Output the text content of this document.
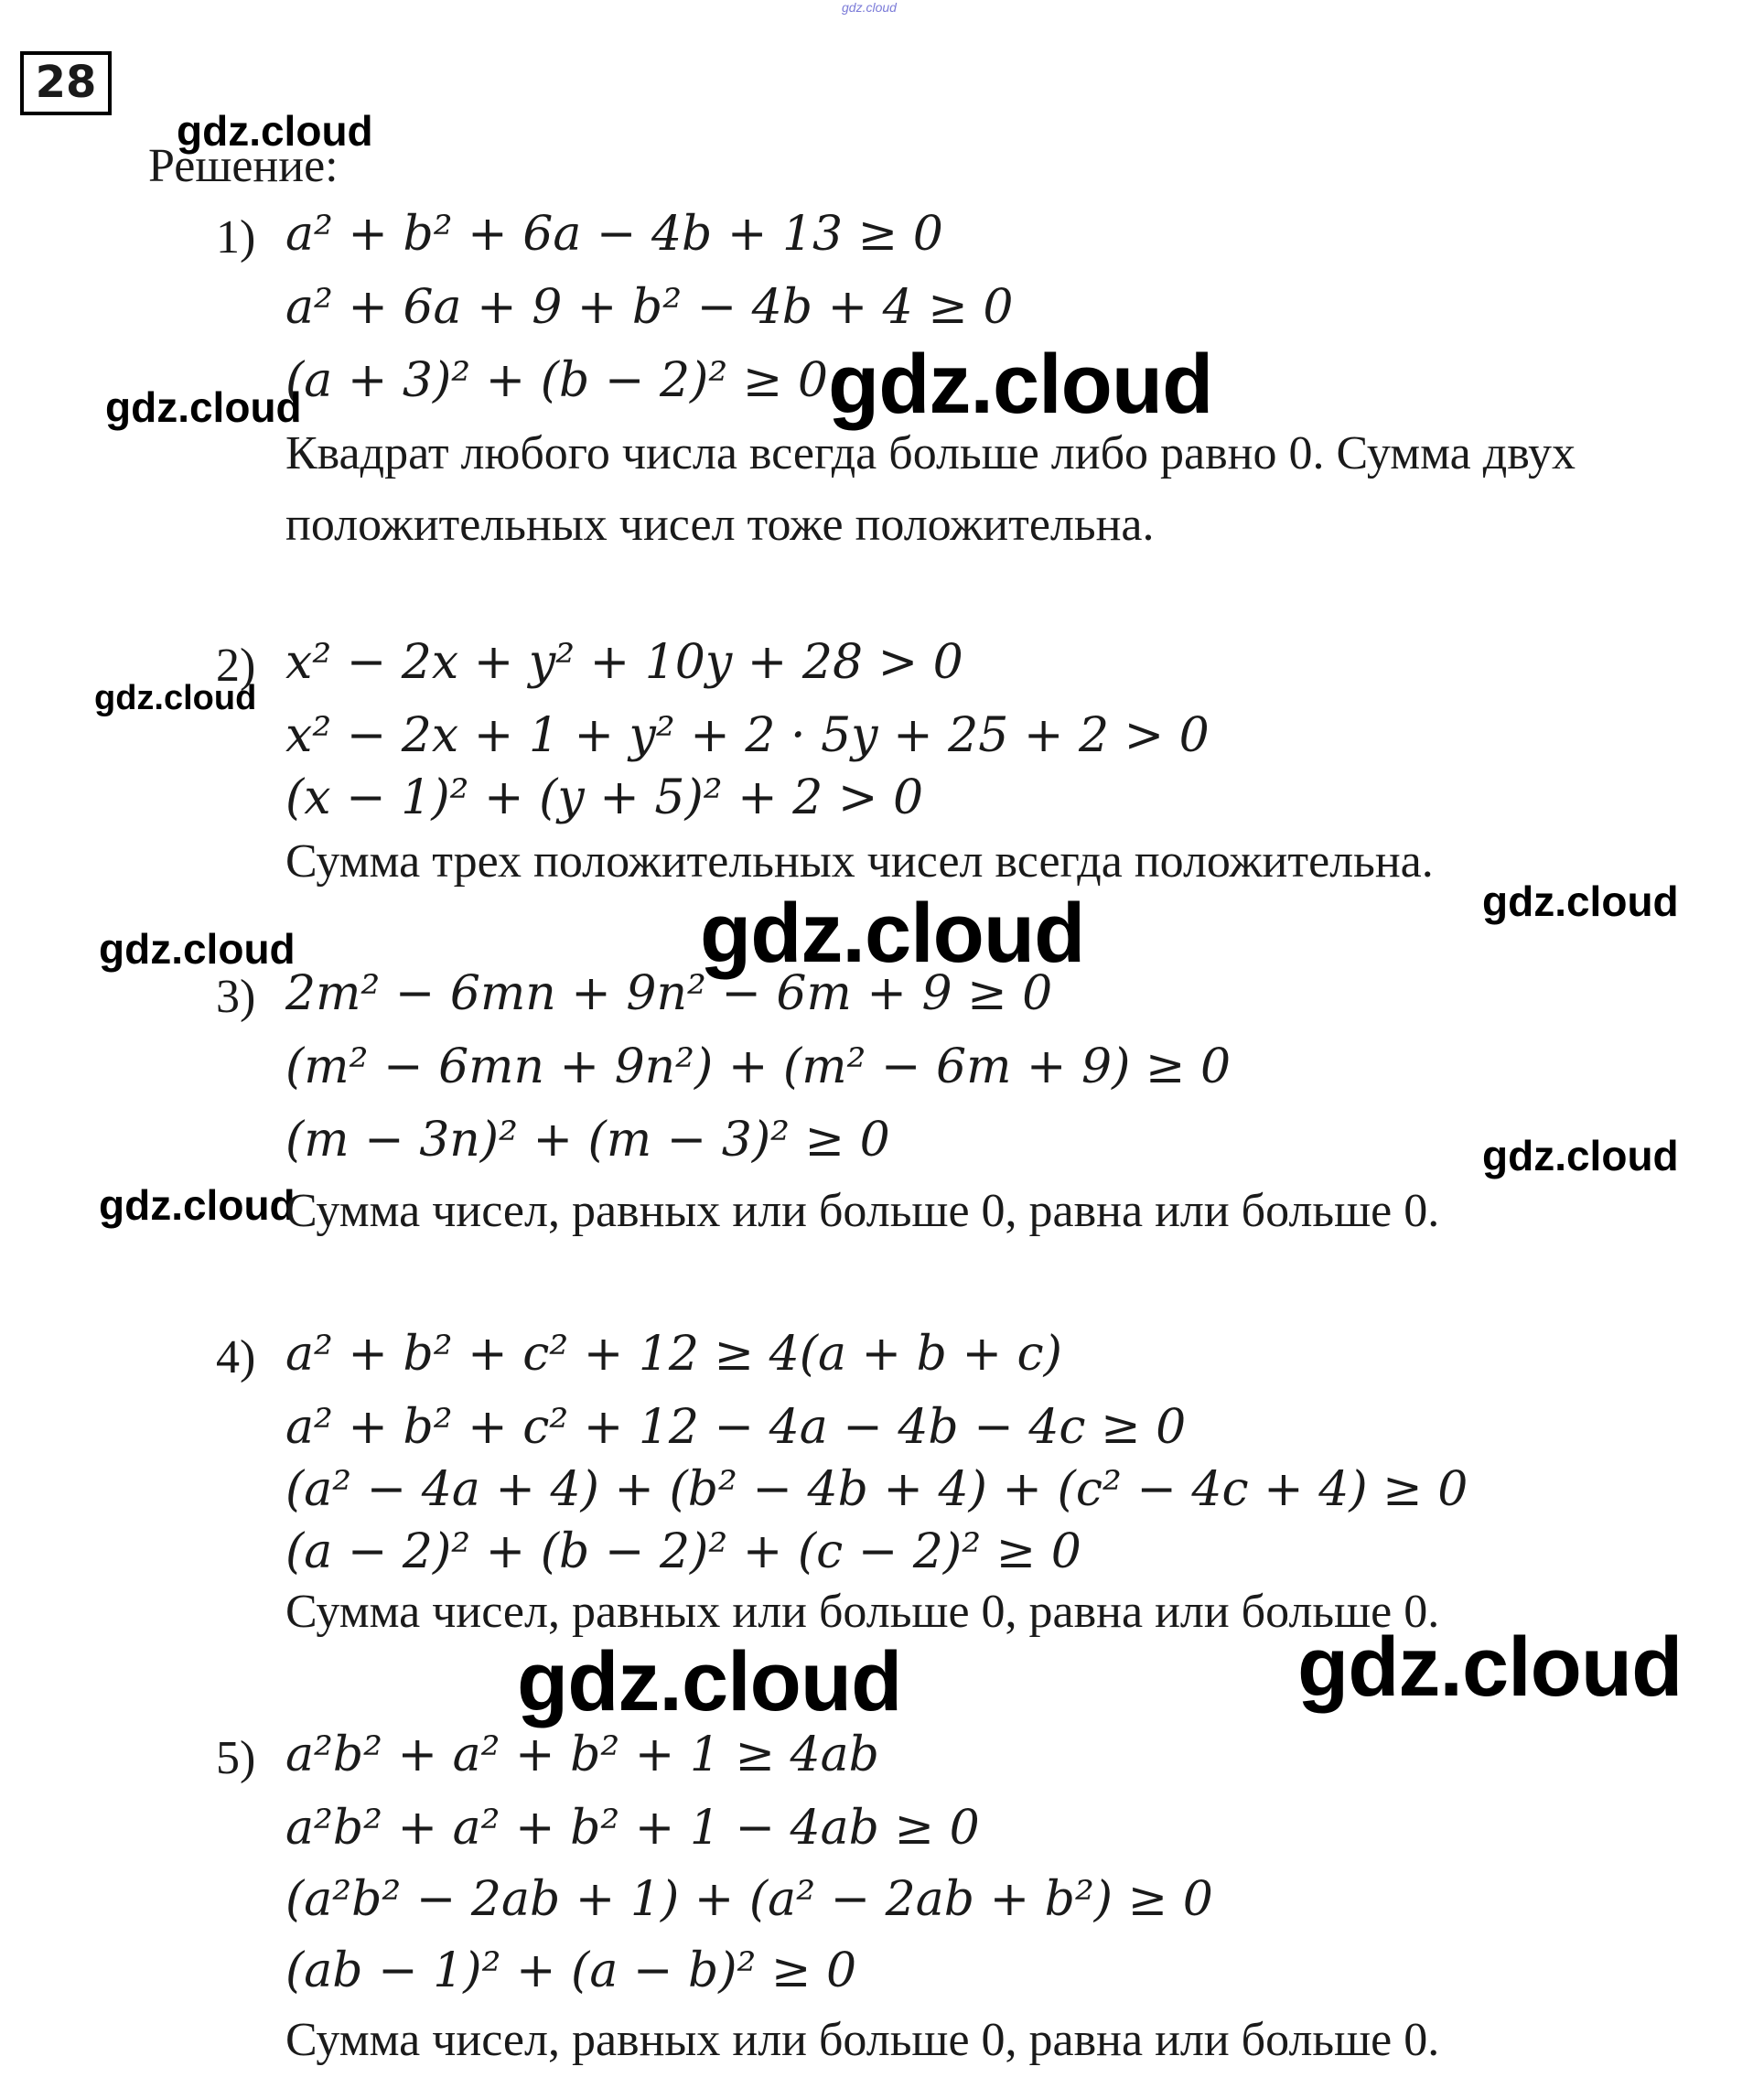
gdz.cloud
28
gdz.cloud
Решение:
1) a² + b² + 6a − 4b + 13 ≥ 0
a² + 6a + 9 + b² − 4b + 4 ≥ 0
(a + 3)² + (b − 2)² ≥ 0
gdz.cloud	gdz.cloud
Квадрат любого числа всегда больше либо равно 0. Сумма двух
положительных чисел тоже положительна.
2) x² − 2x + y² + 10y + 28 > 0
gdz.cloud
x² − 2x + 1 + y² + 2 · 5y + 25 + 2 > 0
(x − 1)² + (y + 5)² + 2 > 0
Сумма трех положительных чисел всегда положительна.
gdz.cloud
gdz.cloud
gdz.cloud
3) 2m² − 6mn + 9n² − 6m + 9 ≥ 0
(m² − 6mn + 9n²) + (m² − 6m + 9) ≥ 0
(m − 3n)² + (m − 3)² ≥ 0	gdz.cloud
gdz.cloud
Сумма чисел, равных или больше 0, равна или больше 0.
4) a² + b² + c² + 12 ≥ 4(a + b + c)
a² + b² + c² + 12 − 4a − 4b − 4c ≥ 0
(a² − 4a + 4) + (b² − 4b + 4) + (c² − 4c + 4) ≥ 0
(a − 2)² + (b − 2)² + (c − 2)² ≥ 0
Сумма чисел, равных или больше 0, равна или больше 0.
gdz.cloud	gdz.cloud
5) a²b² + a² + b² + 1 ≥ 4ab
a²b² + a² + b² + 1 − 4ab ≥ 0
(a²b² − 2ab + 1) + (a² − 2ab + b²) ≥ 0
(ab − 1)² + (a − b)² ≥ 0
Сумма чисел, равных или больше 0, равна или больше 0.
